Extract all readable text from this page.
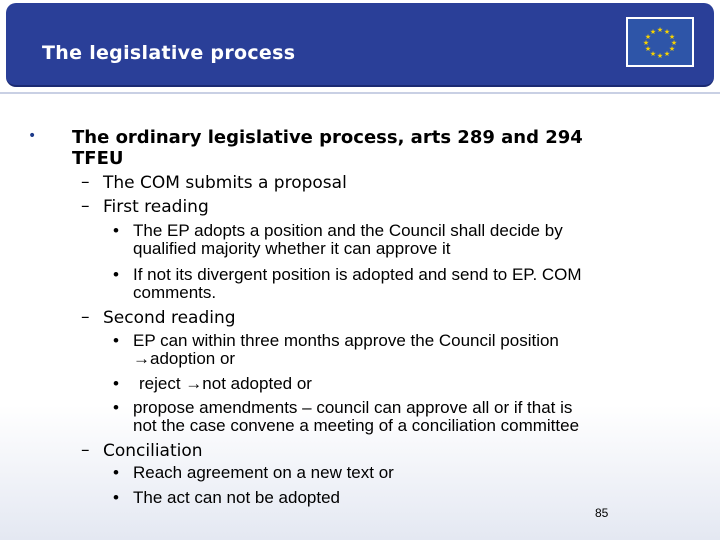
The legislative process
★ ★
★
★
★
★
★
★
★
★
★
★
• The ordinary legislative process, arts 289 and 294
TFEU
– The COM submits a proposal
– First reading
• The EP adopts a position and the Council shall decide by
qualified majority whether it can approve it
• If not its divergent position is adopted and send to EP. COM
comments.
– Second reading
• EP can within three months approve the Council position
→adoption or
• reject →not adopted or
• propose amendments – council can approve all or if that is
not the case convene a meeting of a conciliation committee
– Conciliation
• Reach agreement on a new text or
• The act can not be adopted
85
